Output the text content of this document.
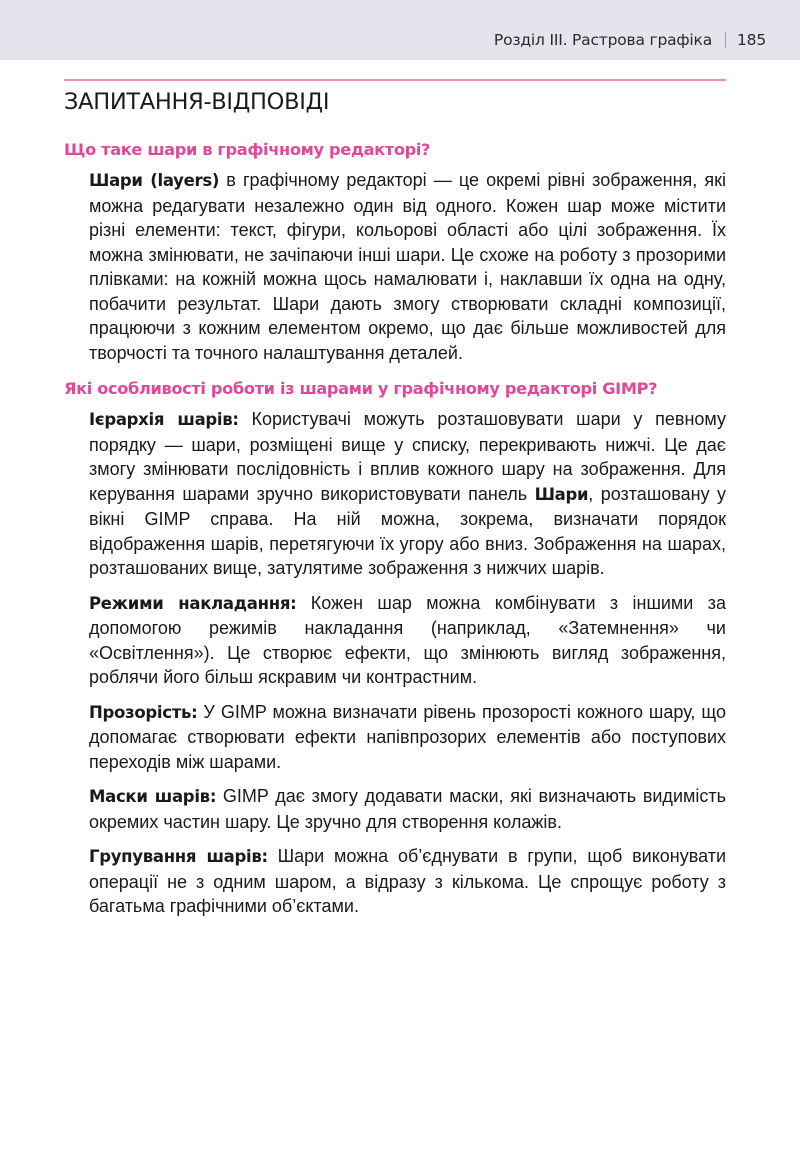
Розділ III. Растрова графіка 185
ЗАПИТАННЯ-ВІДПОВІДІ
Що таке шари в графічному редакторі?

Шари (layers) в графічному редакторі — це окремі рівні зображення, які можна редагувати незалежно один від одного. Кожен шар може містити різні елементи: текст, фігури, кольорові області або цілі зображення. Їх можна змінювати, не зачіпаючи інші шари. Це схоже на роботу з прозорими плівками: на кожній можна щось намалювати і, наклавши їх одна на одну, побачити результат. Шари дають змогу створювати складні композиції, працюючи з кожним елементом окремо, що дає більше можливостей для творчості та точного налаштування деталей.

Які особливості роботи із шарами у графічному редакторі GIMP?

Ієрархія шарів: Користувачі можуть розташовувати шари у певному порядку — шари, розміщені вище у списку, перекривають нижчі. Це дає змогу змінювати послідовність і вплив кожного шару на зображення. Для керування шарами зручно використовувати панель Шари, розташовану у вікні GIMP справа. На ній можна, зокрема, визначати порядок відображення шарів, перетягуючи їх угору або вниз. Зображення на шарах, розташованих вище, затулятиме зображення з нижчих шарів.

Режими накладання: Кожен шар можна комбінувати з іншими за допомогою режимів накладання (наприклад, «Затемнення» чи «Освітлення»). Це створює ефекти, що змінюють вигляд зображення, роблячи його більш яскравим чи контрастним.

Прозорість: У GIMP можна визначати рівень прозорості кожного шару, що допомагає створювати ефекти напівпрозорих елементів або поступових переходів між шарами.

Маски шарів: GIMP дає змогу додавати маски, які визначають видимість окремих частин шару. Це зручно для створення колажів.

Групування шарів: Шари можна об’єднувати в групи, щоб виконувати операції не з одним шаром, а відразу з кількома. Це спрощує роботу з багатьма графічними об’єктами.
